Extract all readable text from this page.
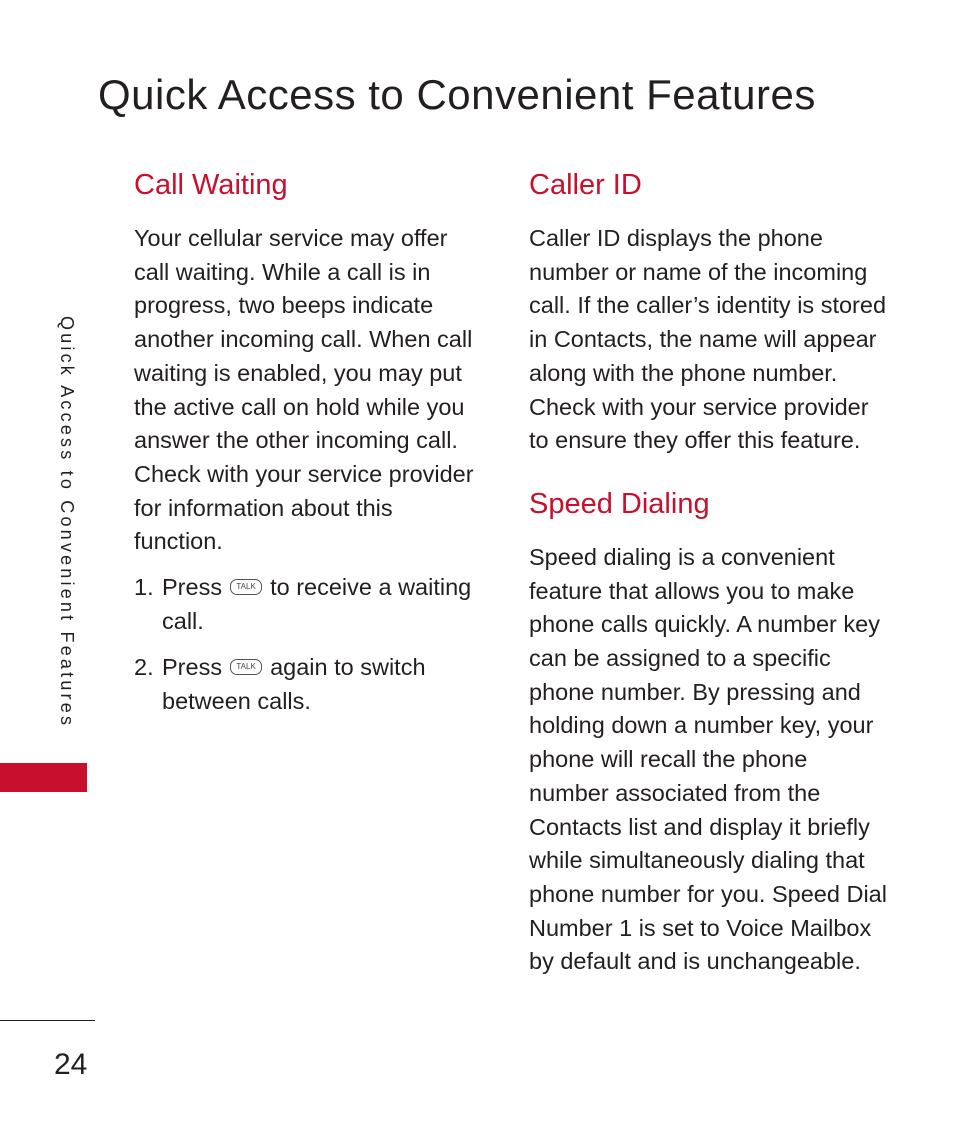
Quick Access to Convenient Features
Quick Access to Convenient Features
Call Waiting

Your cellular service may offer call waiting. While a call is in progress, two beeps indicate another incoming call. When call waiting is enabled, you may put the active call on hold while you answer the other incoming call. Check with your service provider for information about this function.

1. Press TALK to receive a waiting call.
2. Press TALK again to switch between calls.
Caller ID

Caller ID displays the phone number or name of the incoming call. If the caller’s identity is stored in Contacts, the name will appear along with the phone number. Check with your service provider to ensure they offer this feature.

Speed Dialing

Speed dialing is a convenient feature that allows you to make phone calls quickly. A number key can be assigned to a specific phone number. By pressing and holding down a number key, your phone will recall the phone number associated from the Contacts list and display it briefly while simultaneously dialing that phone number for you. Speed Dial Number 1 is set to Voice Mailbox by default and is unchangeable.

24
